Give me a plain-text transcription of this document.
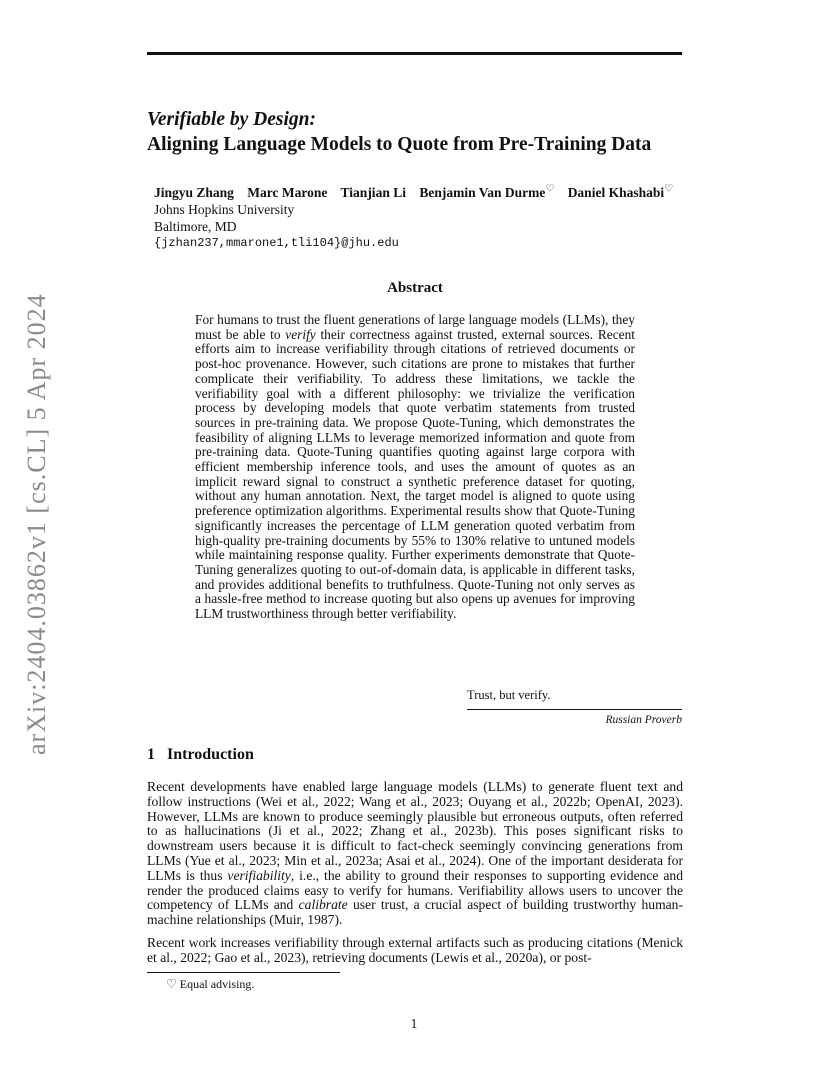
arXiv:2404.03862v1 [cs.CL] 5 Apr 2024
Verifiable by Design:
Aligning Language Models to Quote from Pre-Training Data
Jingyu Zhang Marc Marone Tianjian Li Benjamin Van Durme♡ Daniel Khashabi♡
Johns Hopkins University
Baltimore, MD
{jzhan237,mmarone1,tli104}@jhu.edu
Abstract

For humans to trust the fluent generations of large language models (LLMs), they must be able to verify their correctness against trusted, external sources. Recent efforts aim to increase verifiability through citations of retrieved documents or post-hoc provenance. However, such citations are prone to mistakes that further complicate their verifiability. To address these limitations, we tackle the verifiability goal with a different philosophy: we trivialize the verification process by developing models that quote verbatim statements from trusted sources in pre-training data. We propose Quote-Tuning, which demonstrates the feasibility of aligning LLMs to leverage memorized information and quote from pre-training data. Quote-Tuning quantifies quoting against large corpora with efficient membership inference tools, and uses the amount of quotes as an implicit reward signal to construct a synthetic preference dataset for quoting, without any human annotation. Next, the target model is aligned to quote using preference optimization algorithms. Experimental results show that Quote-Tuning significantly increases the percentage of LLM generation quoted verbatim from high-quality pre-training documents by 55% to 130% relative to untuned models while maintaining response quality. Further experiments demonstrate that Quote-Tuning generalizes quoting to out-of-domain data, is applicable in different tasks, and provides additional benefits to truthfulness. Quote-Tuning not only serves as a hassle-free method to increase quoting but also opens up avenues for improving LLM trustworthiness through better verifiability.

Trust, but verify.
Russian Proverb
1 Introduction

Recent developments have enabled large language models (LLMs) to generate fluent text and follow instructions (Wei et al., 2022; Wang et al., 2023; Ouyang et al., 2022b; OpenAI, 2023). However, LLMs are known to produce seemingly plausible but erroneous outputs, often referred to as hallucinations (Ji et al., 2022; Zhang et al., 2023b). This poses significant risks to downstream users because it is difficult to fact-check seemingly convincing generations from LLMs (Yue et al., 2023; Min et al., 2023a; Asai et al., 2024). One of the important desiderata for LLMs is thus verifiability, i.e., the ability to ground their responses to supporting evidence and render the produced claims easy to verify for humans. Verifiability allows users to uncover the competency of LLMs and calibrate user trust, a crucial aspect of building trustworthy human-machine relationships (Muir, 1987).

Recent work increases verifiability through external artifacts such as producing citations (Menick et al., 2022; Gao et al., 2023), retrieving documents (Lewis et al., 2020a), or post-

♡ Equal advising.
1
